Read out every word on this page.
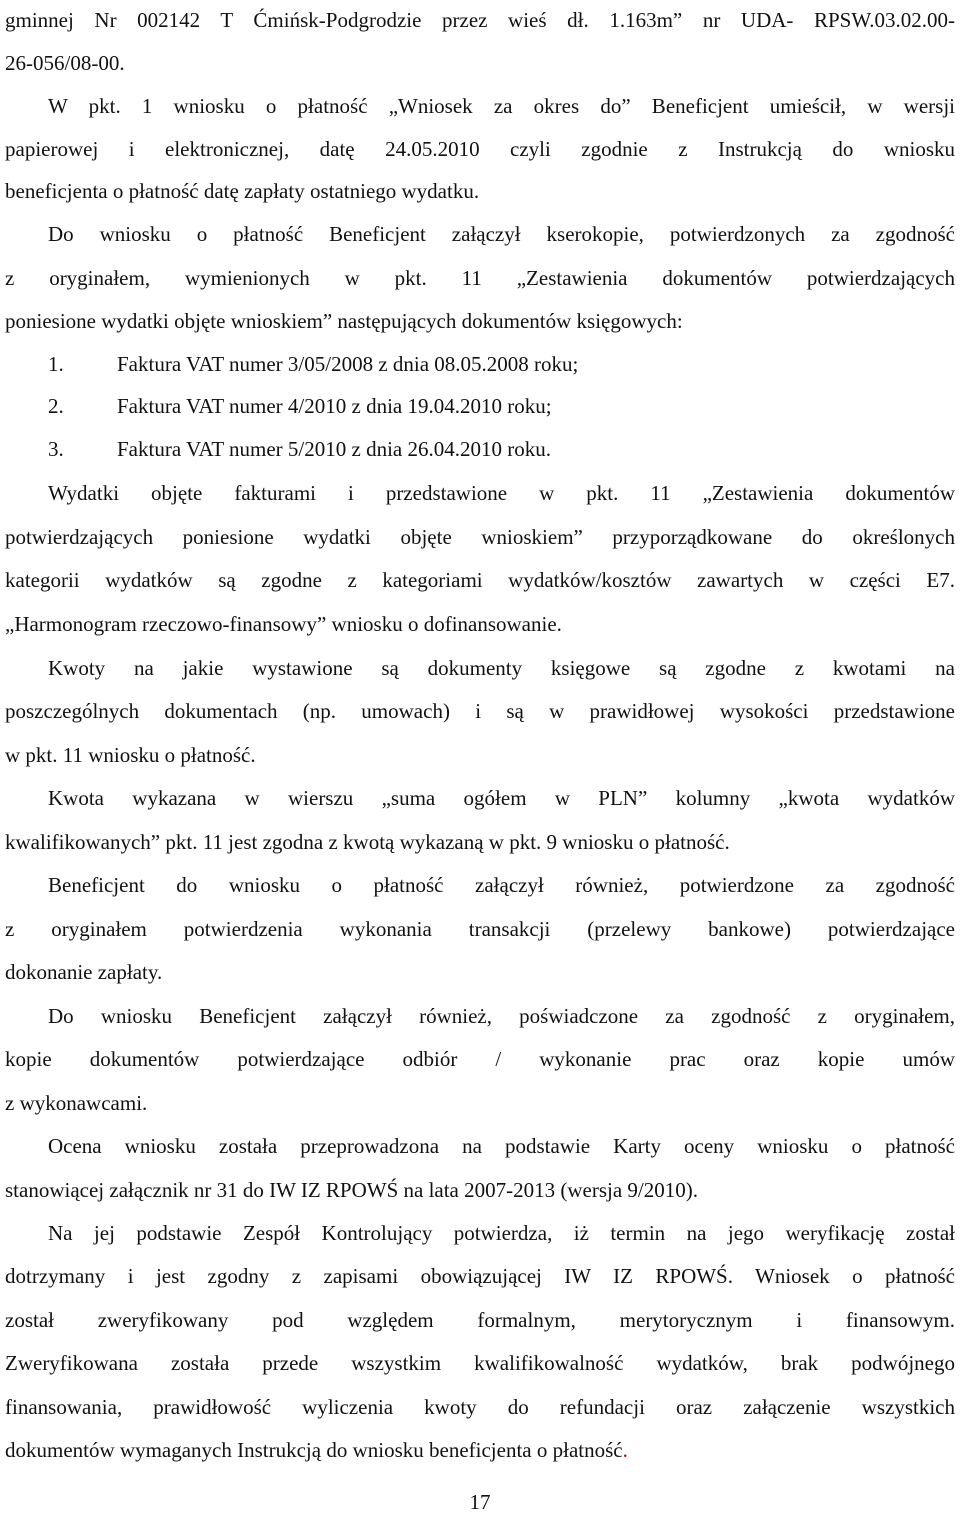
gminnej Nr 002142 T Ćmińsk-Podgrodzie przez wieś dł. 1.163m” nr UDA- RPSW.03.02.00-
26-056/08-00.
W pkt. 1 wniosku o płatność „Wniosek za okres do” Beneficjent umieścił, w wersji
papierowej i elektronicznej, datę 24.05.2010 czyli zgodnie z Instrukcją do wniosku
beneficjenta o płatność datę zapłaty ostatniego wydatku.
Do wniosku o płatność Beneficjent załączył kserokopie, potwierdzonych za zgodność
z oryginałem, wymienionych w pkt. 11 „Zestawienia dokumentów potwierdzających
poniesione wydatki objęte wnioskiem” następujących dokumentów księgowych:
1.	Faktura VAT numer 3/05/2008 z dnia 08.05.2008 roku;
2.	Faktura VAT numer 4/2010 z dnia 19.04.2010 roku;
3.	Faktura VAT numer 5/2010 z dnia 26.04.2010 roku.
Wydatki objęte fakturami i przedstawione w pkt. 11 „Zestawienia dokumentów
potwierdzających poniesione wydatki objęte wnioskiem” przyporządkowane do określonych
kategorii wydatków są zgodne z kategoriami wydatków/kosztów zawartych w części E7.
„Harmonogram rzeczowo-finansowy” wniosku o dofinansowanie.
Kwoty na jakie wystawione są dokumenty księgowe są zgodne z kwotami na
poszczególnych dokumentach (np. umowach) i są w prawidłowej wysokości przedstawione
w pkt. 11 wniosku o płatność.
Kwota wykazana w wierszu „suma ogółem w PLN” kolumny „kwota wydatków
kwalifikowanych” pkt. 11 jest zgodna z kwotą wykazaną w pkt. 9 wniosku o płatność.
Beneficjent do wniosku o płatność załączył również, potwierdzone za zgodność
z oryginałem potwierdzenia wykonania transakcji (przelewy bankowe) potwierdzające
dokonanie zapłaty.
Do wniosku Beneficjent załączył również, poświadczone za zgodność z oryginałem,
kopie dokumentów potwierdzające odbiór / wykonanie prac oraz kopie umów
z wykonawcami.
Ocena wniosku została przeprowadzona na podstawie Karty oceny wniosku o płatność
stanowiącej załącznik nr 31 do IW IZ RPOWŚ na lata 2007-2013 (wersja 9/2010).
Na jej podstawie Zespół Kontrolujący potwierdza, iż termin na jego weryfikację został
dotrzymany i jest zgodny z zapisami obowiązującej IW IZ RPOWŚ. Wniosek o płatność
został zweryfikowany pod względem formalnym, merytorycznym i finansowym.
Zweryfikowana została przede wszystkim kwalifikowalność wydatków, brak podwójnego
finansowania, prawidłowość wyliczenia kwoty do refundacji oraz załączenie wszystkich
dokumentów wymaganych Instrukcją do wniosku beneficjenta o płatność.
17
